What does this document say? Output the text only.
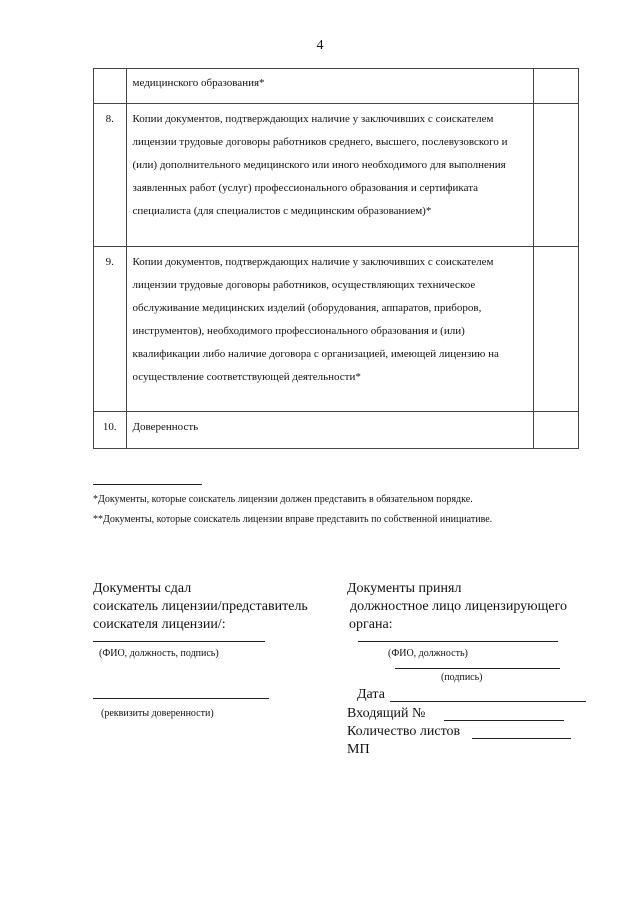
4
	медицинского образования*	
8.	Копии документов, подтверждающих наличие у заключивших с соискателем лицензии трудовые договоры работников среднего, высшего, послевузовского и (или) дополнительного медицинского или иного необходимого для выполнения заявленных работ (услуг) профессионального образования и сертификата специалиста (для специалистов с медицинским образованием)*	
9.	Копии документов, подтверждающих наличие у заключивших с соискателем лицензии трудовые договоры работников, осуществляющих техническое обслуживание медицинских изделий (оборудования, аппаратов, приборов, инструментов), необходимого профессионального образования и (или) квалификации либо наличие договора с организацией, имеющей лицензию на осуществление соответствующей деятельности*	
10.	Доверенность	
*Документы, которые соискатель лицензии должен представить в обязательном порядке.
**Документы, которые соискатель лицензии вправе представить по собственной инициативе.
Документы сдал
соискатель лицензии/представитель
соискателя лицензии/:
(ФИО, должность, подпись)
(реквизиты доверенности)
Документы принял
должностное лицо лицензирующего
органа:
(ФИО, должность)
(подпись)
Дата
Входящий №
Количество листов
МП
